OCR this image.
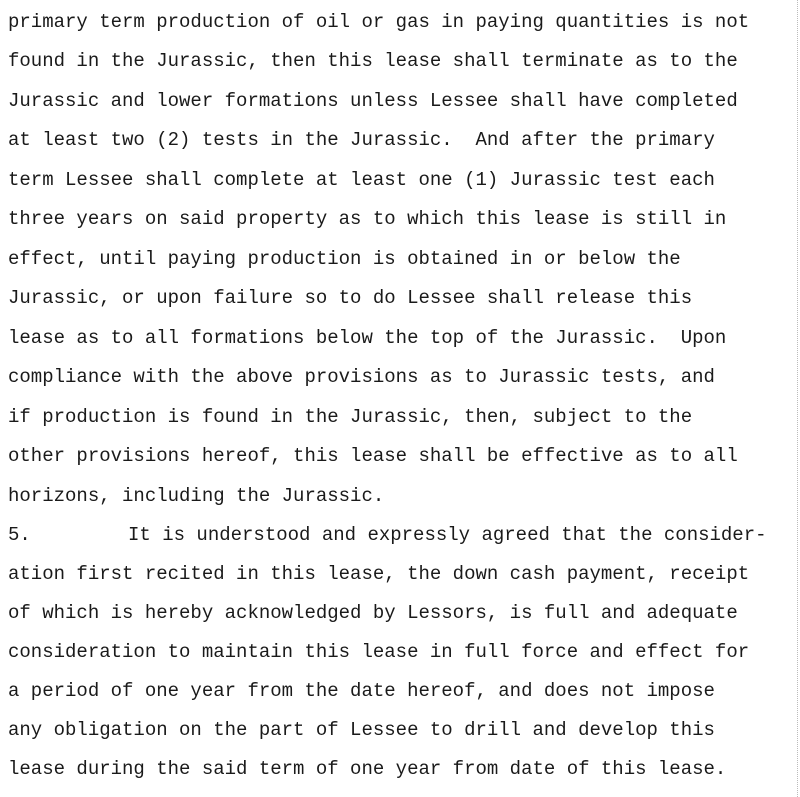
primary term production of oil or gas in paying quantities is not
found in the Jurassic, then this lease shall terminate as to the
Jurassic and lower formations unless Lessee shall have completed
at least two (2) tests in the Jurassic.  And after the primary
term Lessee shall complete at least one (1) Jurassic test each
three years on said property as to which this lease is still in
effect, until paying production is obtained in or below the
Jurassic, or upon failure so to do Lessee shall release this
lease as to all formations below the top of the Jurassic.  Upon
compliance with the above provisions as to Jurassic tests, and
if production is found in the Jurassic, then, subject to the
other provisions hereof, this lease shall be effective as to all
horizons, including the Jurassic.
5.	It is understood and expressly agreed that the consider-
ation first recited in this lease, the down cash payment, receipt
of which is hereby acknowledged by Lessors, is full and adequate
consideration to maintain this lease in full force and effect for
a period of one year from the date hereof, and does not impose
any obligation on the part of Lessee to drill and develop this
lease during the said term of one year from date of this lease.
